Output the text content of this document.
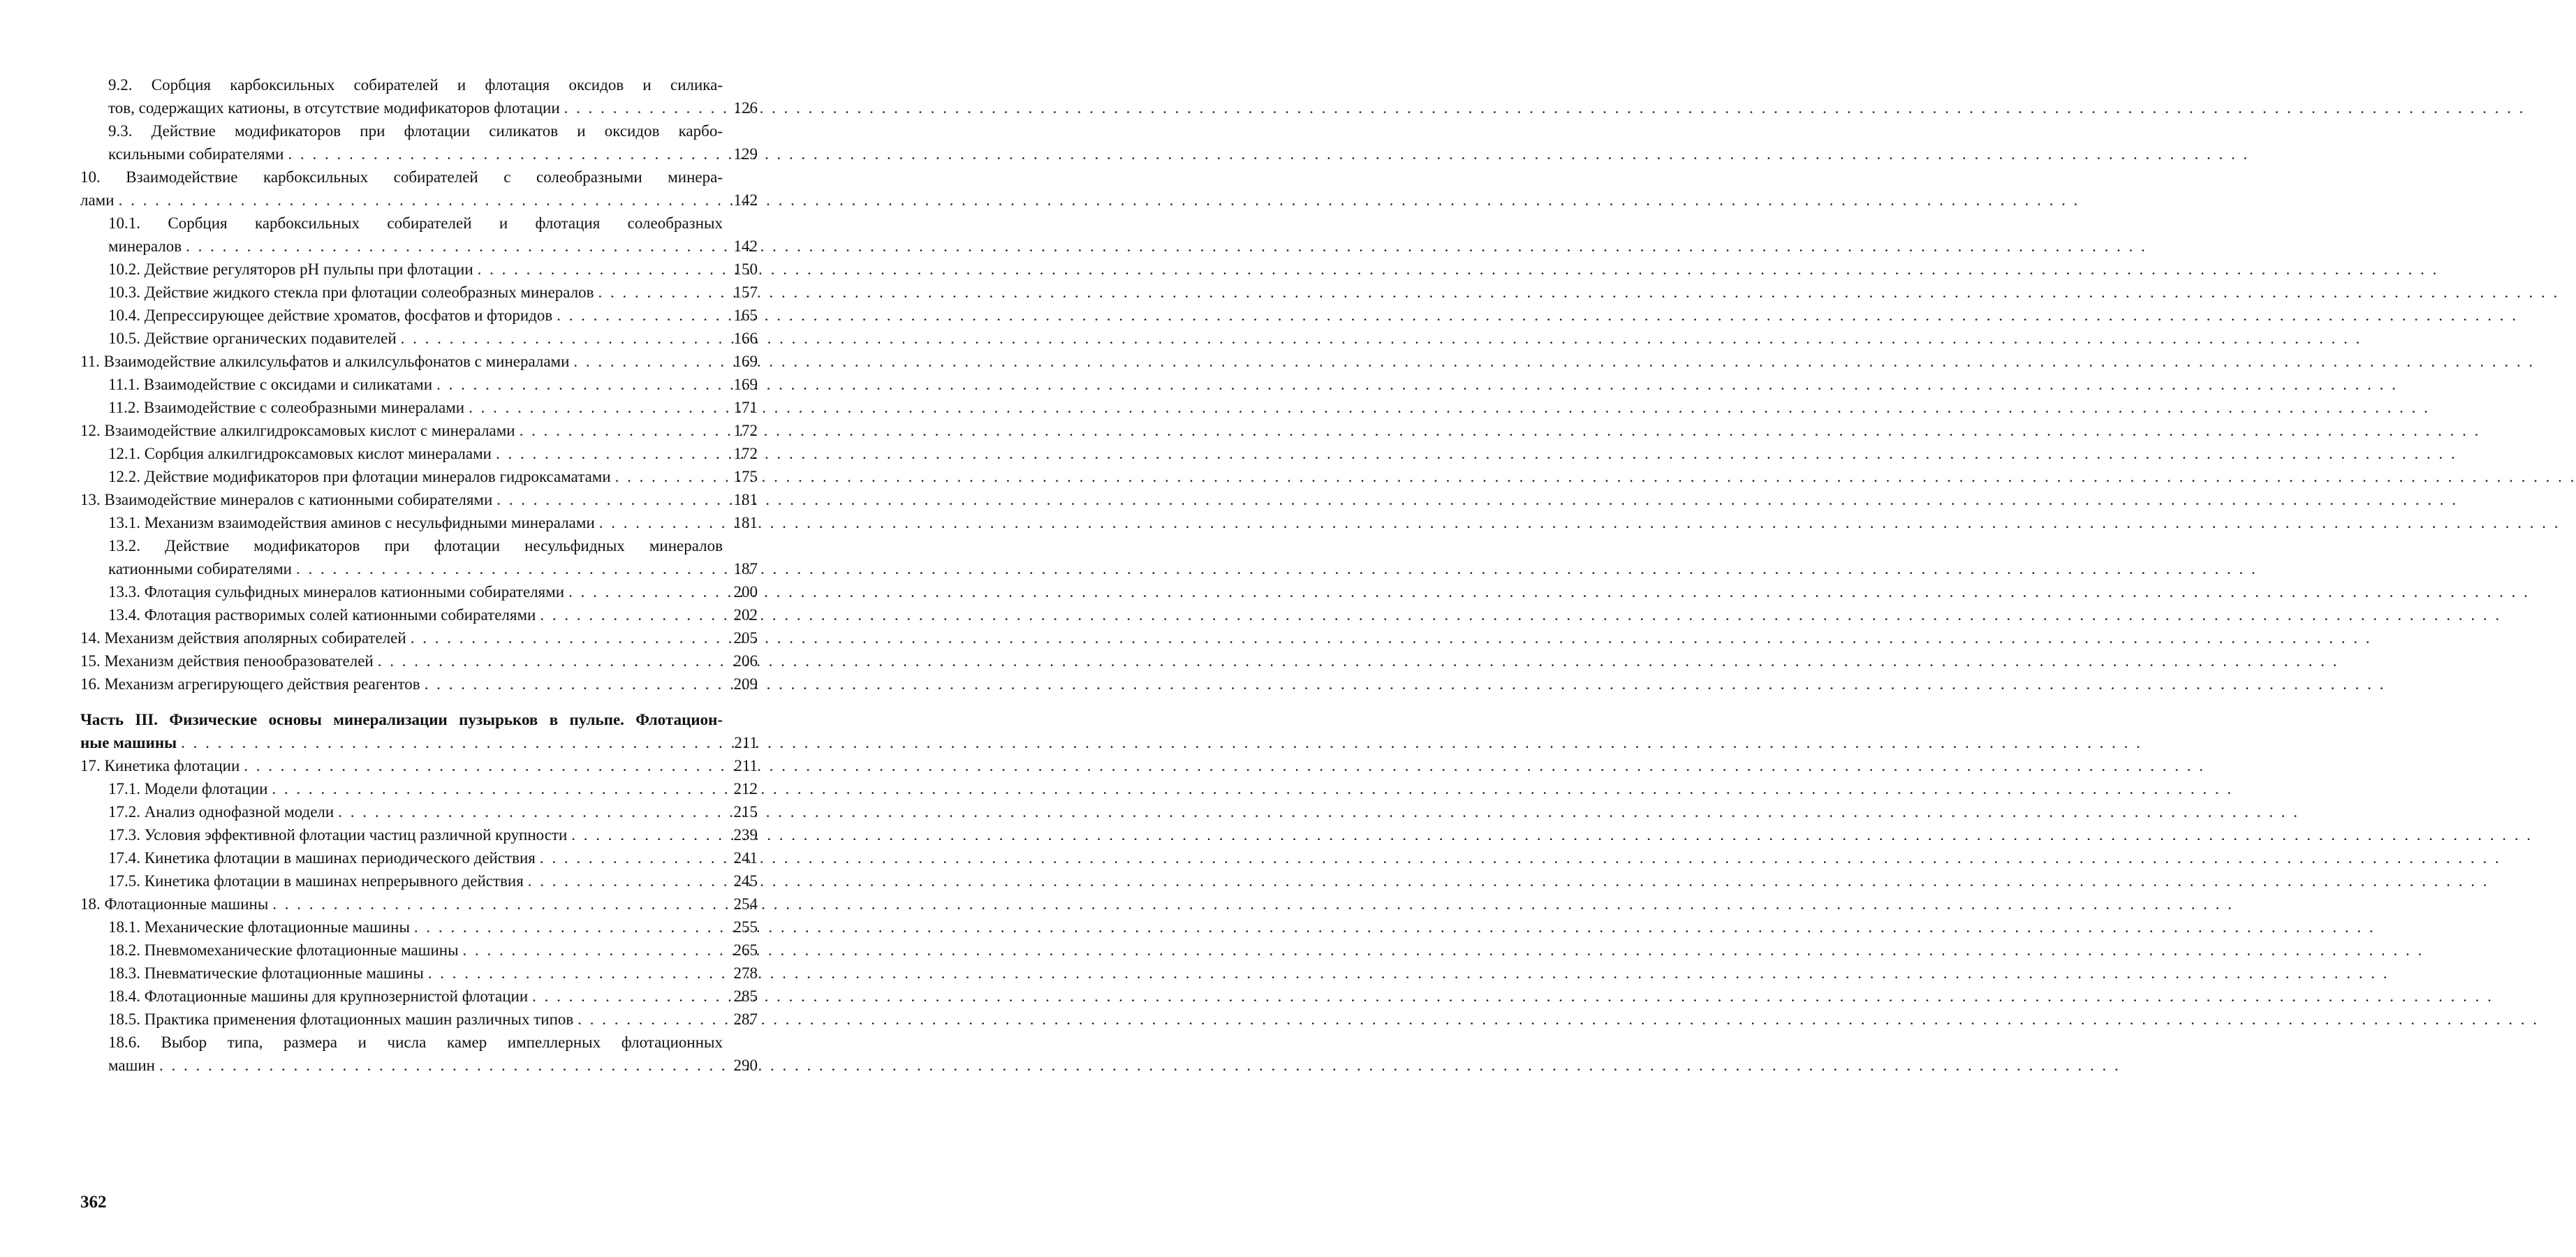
9.2. Сорбция карбоксильных собирателей и флотация оксидов и силика-
тов, содержащих катионы, в отсутствие модификаторов флотации
. . .	126
9.3. Действие модификаторов при флотации силикатов и оксидов карбо-
ксильными собирателями
. . .	129
10. Взаимодействие карбоксильных собирателей с солеобразными минера-
лами
. . .	142
10.1. Сорбция карбоксильных собирателей и флотация солеобразных
минералов
. . .	142
10.2. Действие регуляторов pH пульпы при флотации
. . .	150
10.3. Действие жидкого стекла при флотации солеобразных минералов
. . .	157
10.4. Депрессирующее действие хроматов, фосфатов и фторидов
. . .	165
10.5. Действие органических подавителей
. . .	166
11. Взаимодействие алкилсульфатов и алкилсульфонатов с минералами
. . .	169
11.1. Взаимодействие с оксидами и силикатами
. . .	169
11.2. Взаимодействие с солеобразными минералами
. . .	171
12. Взаимодействие алкилгидроксамовых кислот с минералами
. . .	172
12.1. Сорбция алкилгидроксамовых кислот минералами
. . .	172
12.2. Действие модификаторов при флотации минералов гидроксаматами
. . .	175
13. Взаимодействие минералов с катионными собирателями
. . .	181
13.1. Механизм взаимодействия аминов с несульфидными минералами
. . .	181
13.2. Действие модификаторов при флотации несульфидных минералов
катионными собирателями
. . .	187
13.3. Флотация сульфидных минералов катионными собирателями
. . .	200
13.4. Флотация растворимых солей катионными собирателями
. . .	202
14. Механизм действия аполярных собирателей
. . .	205
15. Механизм действия пенообразователей
. . .	206
16. Механизм агрегирующего действия реагентов
. . .	209
Часть III. Физические основы минерализации пузырьков в пульпе. Флотацион-
ные машины
. . .	211
17. Кинетика флотации
. . .	211
17.1. Модели флотации
. . .	212
17.2. Анализ однофазной модели
. . .	215
17.3. Условия эффективной флотации частиц различной крупности
. . .	239
17.4. Кинетика флотации в машинах периодического действия
. . .	241
17.5. Кинетика флотации в машинах непрерывного действия
. . .	245
18. Флотационные машины
. . .	254
18.1. Механические флотационные машины
. . .	255
18.2. Пневмомеханические флотационные машины
. . .	265
18.3. Пневматические флотационные машины
. . .	278
18.4. Флотационные машины для крупнозернистой флотации
. . .	285
18.5. Практика применения флотационных машин различных типов
. . .	287
18.6. Выбор типа, размера и числа камер импеллерных флотационных
машин
. . .	290
362
